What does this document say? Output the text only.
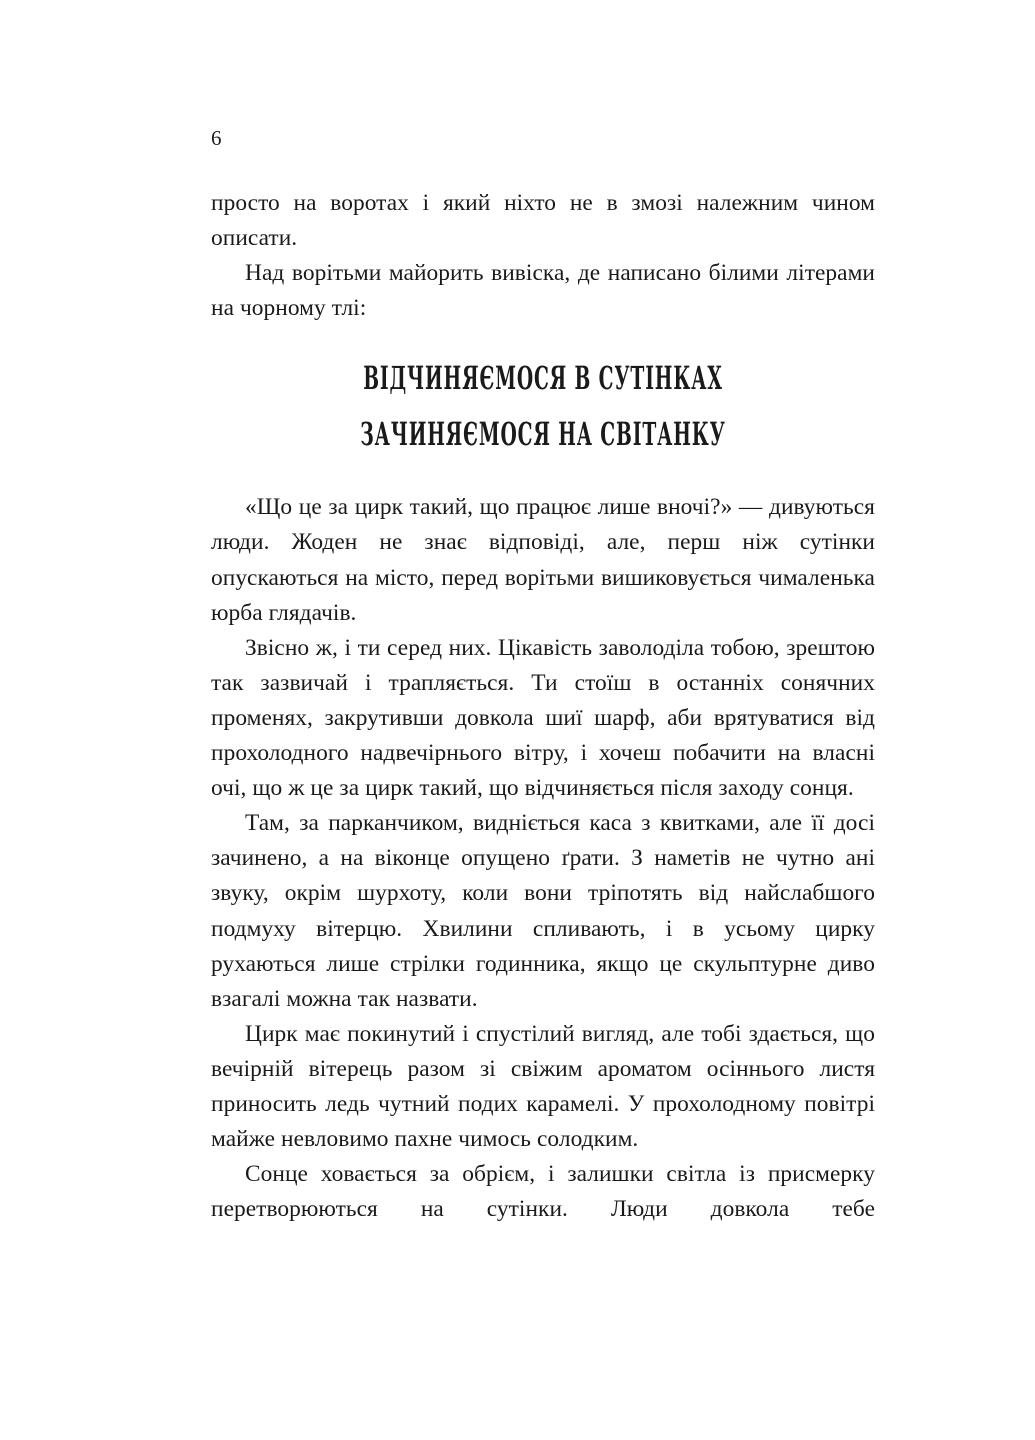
6

просто на воротах і який ніхто не в змозі належним чином описати.

Над ворітьми майорить вивіска, де написано білими літерами на чорному тлі:

ВІДЧИНЯЄМОСЯ В СУТІНКАХ
ЗАЧИНЯЄМОСЯ НА СВІТАНКУ

«Що це за цирк такий, що працює лише вночі?» — дивуються люди. Жоден не знає відповіді, але, перш ніж сутінки опускаються на місто, перед ворітьми вишиковується чималенька юрба глядачів.

Звісно ж, і ти серед них. Цікавість заволоділа тобою, зрештою так зазвичай і трапляється. Ти стоїш в останніх сонячних променях, закрутивши довкола шиї шарф, аби врятуватися від прохолодного надвечірнього вітру, і хочеш побачити на власні очі, що ж це за цирк такий, що відчиняється після заходу сонця.

Там, за парканчиком, видніється каса з квитками, але її досі зачинено, а на віконце опущено ґрати. З наметів не чутно ані звуку, окрім шурхоту, коли вони тріпотять від найслабшого подмуху вітерцю. Хвилини спливають, і в усьому цирку рухаються лише стрілки годинника, якщо це скульптурне диво взагалі можна так назвати.

Цирк має покинутий і спустілий вигляд, але тобі здається, що вечірній вітерець разом зі свіжим ароматом осіннього листя приносить ледь чутний подих карамелі. У прохолодному повітрі майже невловимо пахне чимось солодким.

Сонце ховається за обрієм, і залишки світла із присмерку перетворюються на сутінки. Люди довкола тебе
